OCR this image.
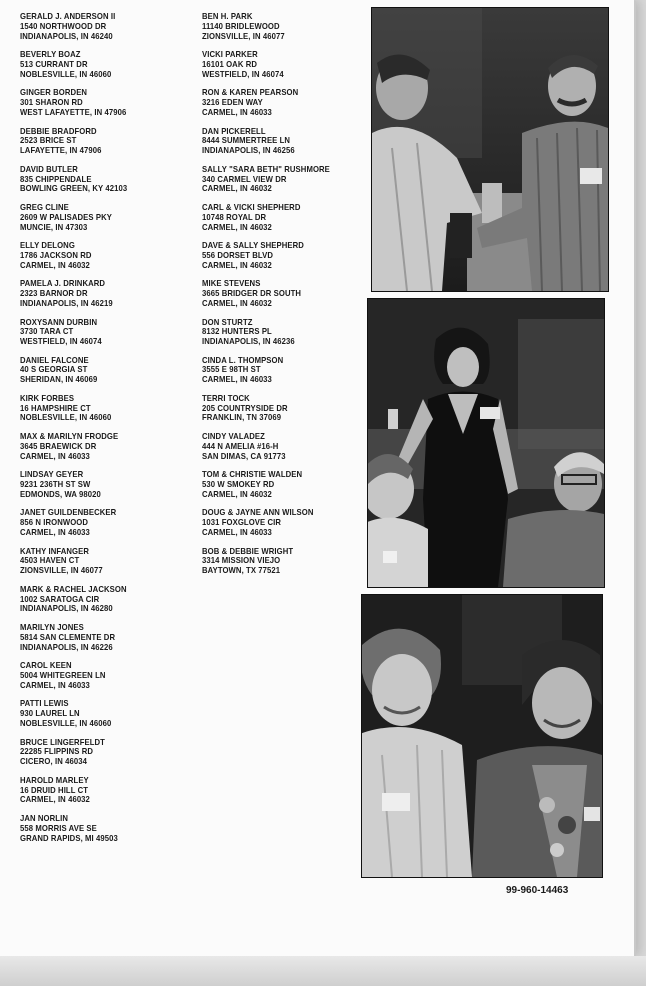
GERALD J. ANDERSON II
1540 NORTHWOOD DR
INDIANAPOLIS, IN 46240
BEVERLY BOAZ
513 CURRANT DR
NOBLESVILLE, IN 46060
GINGER BORDEN
301 SHARON RD
WEST LAFAYETTE, IN 47906
DEBBIE BRADFORD
2523 BRICE ST
LAFAYETTE, IN 47906
DAVID BUTLER
835 CHIPPENDALE
BOWLING GREEN, KY 42103
GREG CLINE
2609 W PALISADES PKY
MUNCIE, IN 47303
ELLY DELONG
1786 JACKSON RD
CARMEL, IN 46032
PAMELA J. DRINKARD
2323 BARNOR DR
INDIANAPOLIS, IN 46219
ROXYSANN DURBIN
3730 TARA CT
WESTFIELD, IN 46074
DANIEL FALCONE
40 S GEORGIA ST
SHERIDAN, IN 46069
KIRK FORBES
16 HAMPSHIRE CT
NOBLESVILLE, IN 46060
MAX & MARILYN FRODGE
3645 BRAEWICK DR
CARMEL, IN 46033
LINDSAY GEYER
9231 236TH ST SW
EDMONDS, WA 98020
JANET GUILDENBECKER
856 N IRONWOOD
CARMEL, IN 46033
KATHY INFANGER
4503 HAVEN CT
ZIONSVILLE, IN 46077
MARK & RACHEL JACKSON
1002 SARATOGA CIR
INDIANAPOLIS, IN 46280
MARILYN JONES
5814 SAN CLEMENTE DR
INDIANAPOLIS, IN 46226
CAROL KEEN
5004 WHITEGREEN LN
CARMEL, IN 46033
PATTI LEWIS
930 LAUREL LN
NOBLESVILLE, IN 46060
BRUCE LINGERFELDT
22285 FLIPPINS RD
CICERO, IN 46034
HAROLD MARLEY
16 DRUID HILL CT
CARMEL, IN 46032
JAN NORLIN
558 MORRIS AVE SE
GRAND RAPIDS, MI 49503
BEN H. PARK
11140 BRIDLEWOOD
ZIONSVILLE, IN 46077
VICKI PARKER
16101 OAK RD
WESTFIELD, IN 46074
RON & KAREN PEARSON
3216 EDEN WAY
CARMEL, IN 46033
DAN PICKERELL
8444 SUMMERTREE LN
INDIANAPOLIS, IN 46256
SALLY "SARA BETH" RUSHMORE
340 CARMEL VIEW DR
CARMEL, IN 46032
CARL & VICKI SHEPHERD
10748 ROYAL DR
CARMEL, IN 46032
DAVE & SALLY SHEPHERD
556 DORSET BLVD
CARMEL, IN 46032
MIKE STEVENS
3665 BRIDGER DR SOUTH
CARMEL, IN 46032
DON STURTZ
8132 HUNTERS PL
INDIANAPOLIS, IN 46236
CINDA L. THOMPSON
3555 E 98TH ST
CARMEL, IN 46033
TERRI TOCK
205 COUNTRYSIDE DR
FRANKLIN, TN 37069
CINDY VALADEZ
444 N AMELIA #16-H
SAN DIMAS, CA 91773
TOM & CHRISTIE WALDEN
530 W SMOKEY RD
CARMEL, IN 46032
DOUG & JAYNE ANN WILSON
1031 FOXGLOVE CIR
CARMEL, IN 46033
BOB & DEBBIE WRIGHT
3314 MISSION VIEJO
BAYTOWN, TX 77521
99-960-14463
